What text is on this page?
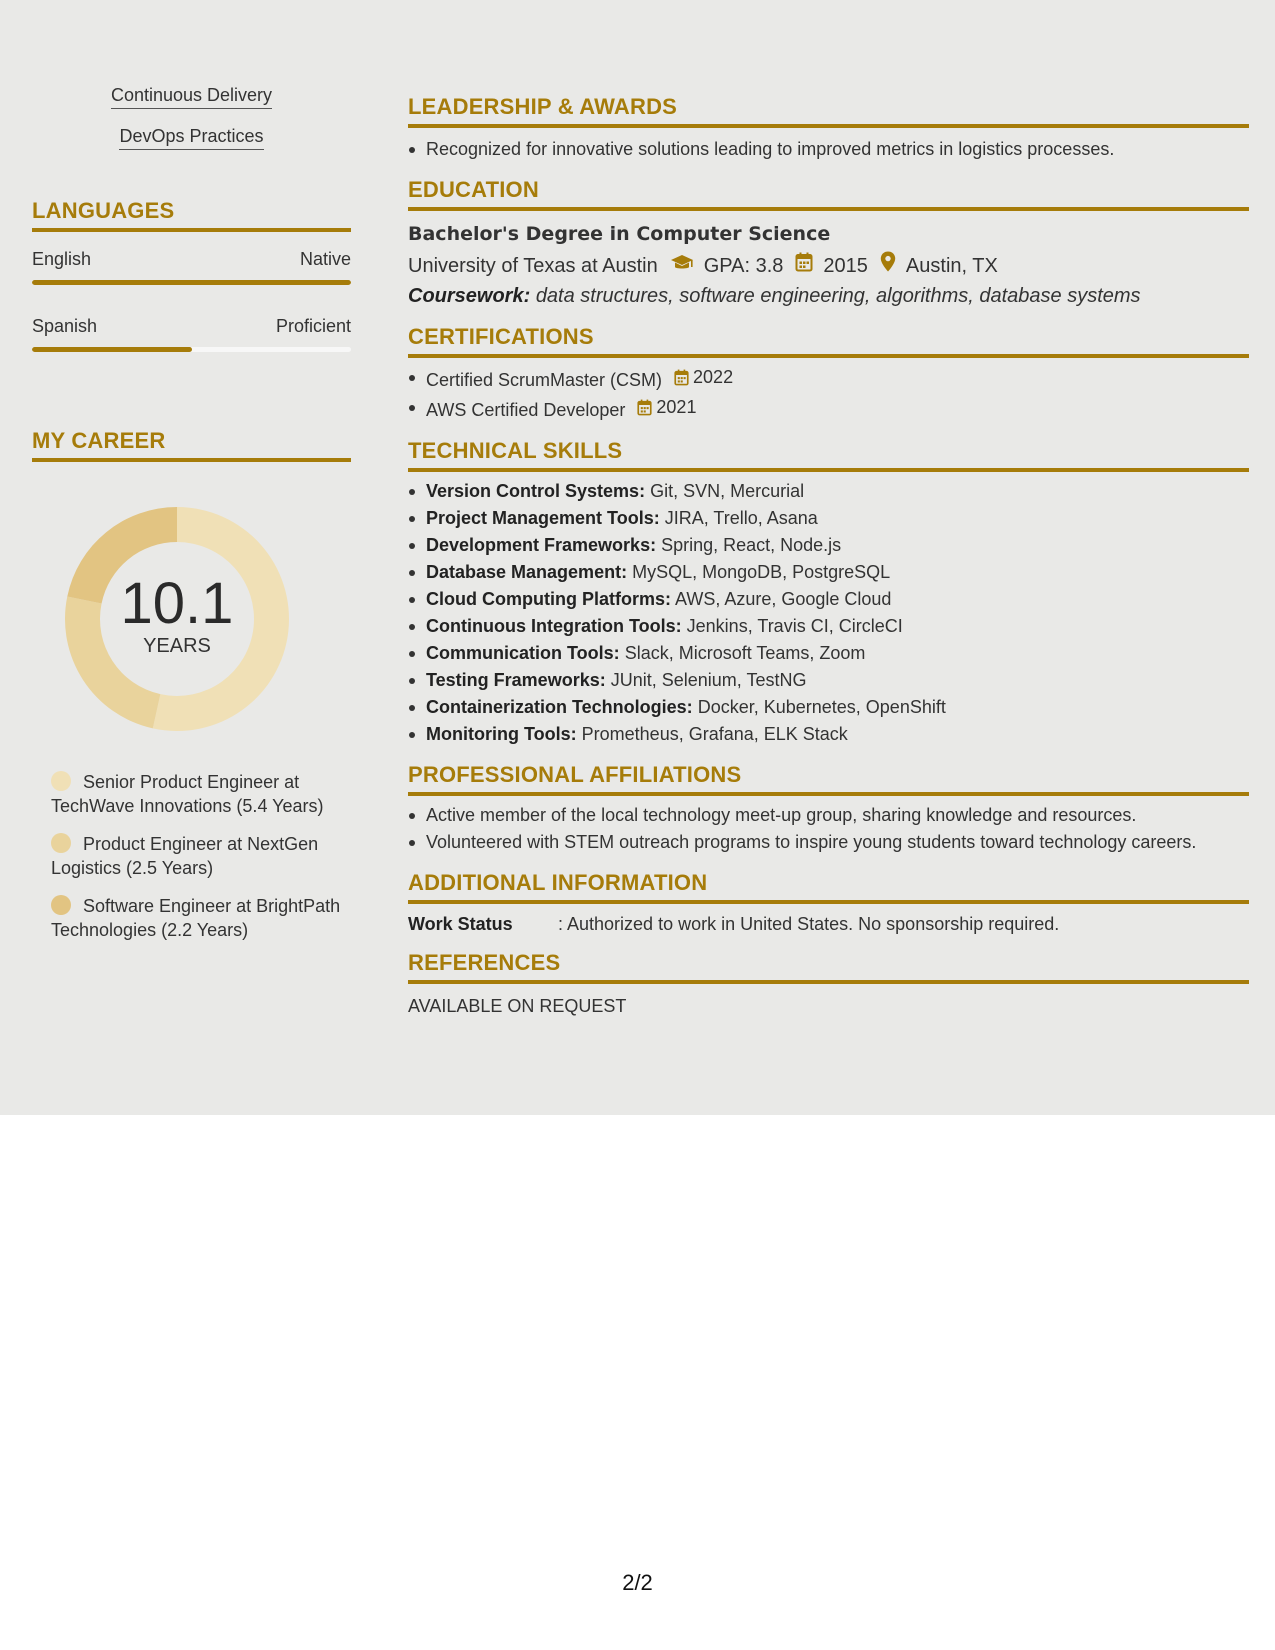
Continuous Delivery
DevOps Practices
LANGUAGES
English	Native
Spanish	Proficient
MY CAREER
10.1
YEARS
Senior Product Engineer at TechWave Innovations (5.4 Years)
Product Engineer at NextGen Logistics (2.5 Years)
Software Engineer at BrightPath Technologies (2.2 Years)
LEADERSHIP & AWARDS
Recognized for innovative solutions leading to improved metrics in logistics processes.
EDUCATION
Bachelor's Degree in Computer Science
University of Texas at Austin GPA: 3.8 2015 Austin, TX
Coursework: data structures, software engineering, algorithms, database systems
CERTIFICATIONS
Certified ScrumMaster (CSM) 2022
AWS Certified Developer 2021
TECHNICAL SKILLS
Version Control Systems: Git, SVN, Mercurial
Project Management Tools: JIRA, Trello, Asana
Development Frameworks: Spring, React, Node.js
Database Management: MySQL, MongoDB, PostgreSQL
Cloud Computing Platforms: AWS, Azure, Google Cloud
Continuous Integration Tools: Jenkins, Travis CI, CircleCI
Communication Tools: Slack, Microsoft Teams, Zoom
Testing Frameworks: JUnit, Selenium, TestNG
Containerization Technologies: Docker, Kubernetes, OpenShift
Monitoring Tools: Prometheus, Grafana, ELK Stack
PROFESSIONAL AFFILIATIONS
Active member of the local technology meet-up group, sharing knowledge and resources.
Volunteered with STEM outreach programs to inspire young students toward technology careers.
ADDITIONAL INFORMATION
Work Status	: Authorized to work in United States. No sponsorship required.
REFERENCES
AVAILABLE ON REQUEST
2/2
